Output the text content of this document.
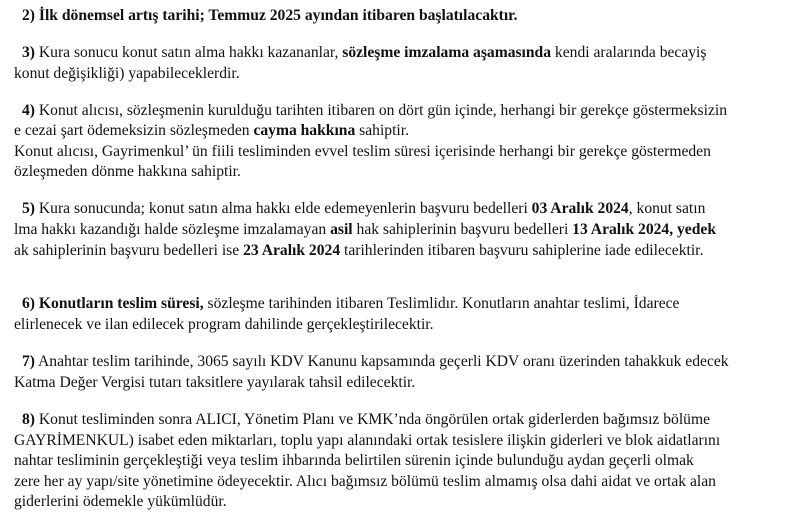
2) İlk dönemsel artış tarihi; Temmuz 2025 ayından itibaren başlatılacaktır.
3) Kura sonucu konut satın alma hakkı kazananlar, sözleşme imzalama aşamasında kendi aralarında becayiş
konut değişikliği) yapabileceklerdir.
4) Konut alıcısı, sözleşmenin kurulduğu tarihten itibaren on dört gün içinde, herhangi bir gerekçe göstermeksizin
e cezai şart ödemeksizin sözleşmeden cayma hakkına sahiptir.
Konut alıcısı, Gayrimenkul’ ün fiili tesliminden evvel teslim süresi içerisinde herhangi bir gerekçe göstermeden
özleşmeden dönme hakkına sahiptir.
5) Kura sonucunda; konut satın alma hakkı elde edemeyenlerin başvuru bedelleri 03 Aralık 2024, konut satın
lma hakkı kazandığı halde sözleşme imzalamayan asil hak sahiplerinin başvuru bedelleri 13 Aralık 2024, yedek
ak sahiplerinin başvuru bedelleri ise 23 Aralık 2024 tarihlerinden itibaren başvuru sahiplerine iade edilecektir.
6) Konutların teslim süresi, sözleşme tarihinden itibaren Teslimlidır. Konutların anahtar teslimi, İdarece
elirlenecek ve ilan edilecek program dahilinde gerçekleştirilecektir.
7) Anahtar teslim tarihinde, 3065 sayılı KDV Kanunu kapsamında geçerli KDV oranı üzerinden tahakkuk edecek
Katma Değer Vergisi tutarı taksitlere yayılarak tahsil edilecektir.
8) Konut tesliminden sonra ALICI, Yönetim Planı ve KMK’nda öngörülen ortak giderlerden bağımsız bölüme
GAYRİMENKUL) isabet eden miktarları, toplu yapı alanındaki ortak tesislere ilişkin giderleri ve blok aidatlarını
nahtar tesliminin gerçekleştiği veya teslim ihbarında belirtilen sürenin içinde bulunduğu aydan geçerli olmak
zere her ay yapı/site yönetimine ödeyecektir. Alıcı bağımsız bölümü teslim almamış olsa dahi aidat ve ortak alan
giderlerini ödemekle yükümlüdür.
